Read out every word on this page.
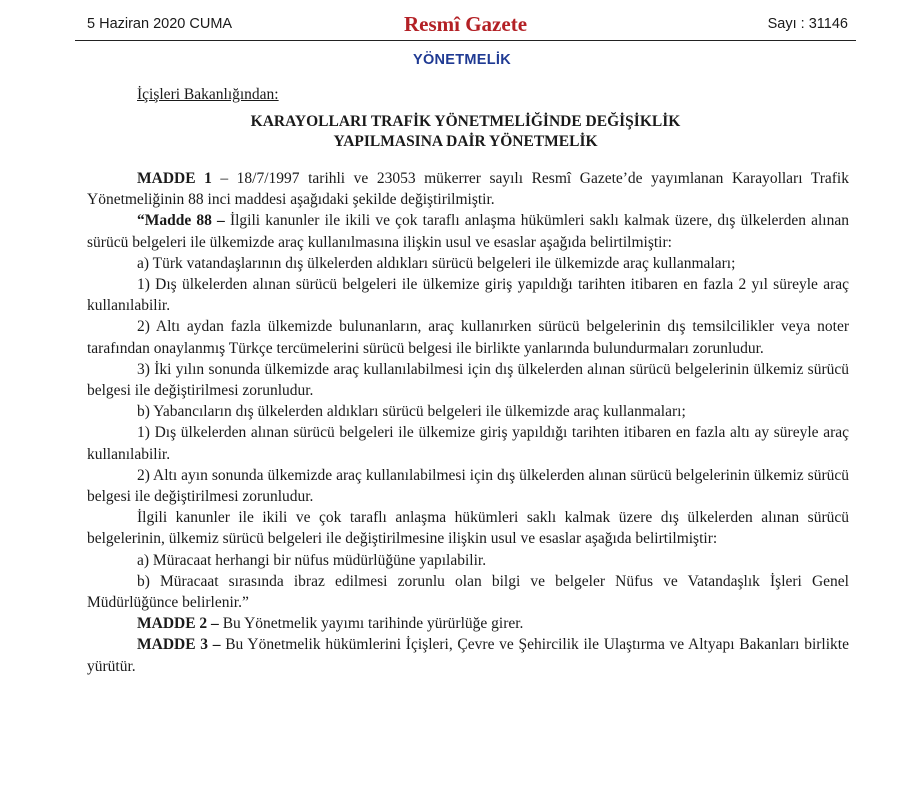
5 Haziran 2020 CUMA	Resmî Gazete	Sayı : 31146
YÖNETMELİK
İçişleri Bakanlığından:
KARAYOLLARI TRAFİK YÖNETMELİĞİNDE DEĞİŞİKLİK
YAPILMASINA DAİR YÖNETMELİK

MADDE 1 – 18/7/1997 tarihli ve 23053 mükerrer sayılı Resmî Gazete’de yayımlanan Karayolları Trafik Yönetmeliğinin 88 inci maddesi aşağıdaki şekilde değiştirilmiştir.

“Madde 88 – İlgili kanunler ile ikili ve çok taraflı anlaşma hükümleri saklı kalmak üzere, dış ülkelerden alınan sürücü belgeleri ile ülkemizde araç kullanılmasına ilişkin usul ve esaslar aşağıda belirtilmiştir:

a) Türk vatandaşlarının dış ülkelerden aldıkları sürücü belgeleri ile ülkemizde araç kullanmaları;

1) Dış ülkelerden alınan sürücü belgeleri ile ülkemize giriş yapıldığı tarihten itibaren en fazla 2 yıl süreyle araç kullanılabilir.

2) Altı aydan fazla ülkemizde bulunanların, araç kullanırken sürücü belgelerinin dış temsilcilikler veya noter tarafından onaylanmış Türkçe tercümelerini sürücü belgesi ile birlikte yanlarında bulundurmaları zorunludur.

3) İki yılın sonunda ülkemizde araç kullanılabilmesi için dış ülkelerden alınan sürücü belgelerinin ülkemiz sürücü belgesi ile değiştirilmesi zorunludur.

b) Yabancıların dış ülkelerden aldıkları sürücü belgeleri ile ülkemizde araç kullanmaları;

1) Dış ülkelerden alınan sürücü belgeleri ile ülkemize giriş yapıldığı tarihten itibaren en fazla altı ay süreyle araç kullanılabilir.

2) Altı ayın sonunda ülkemizde araç kullanılabilmesi için dış ülkelerden alınan sürücü belgelerinin ülkemiz sürücü belgesi ile değiştirilmesi zorunludur.

İlgili kanunler ile ikili ve çok taraflı anlaşma hükümleri saklı kalmak üzere dış ülkelerden alınan sürücü belgelerinin, ülkemiz sürücü belgeleri ile değiştirilmesine ilişkin usul ve esaslar aşağıda belirtilmiştir:

a) Müracaat herhangi bir nüfus müdürlüğüne yapılabilir.

b) Müracaat sırasında ibraz edilmesi zorunlu olan bilgi ve belgeler Nüfus ve Vatandaşlık İşleri Genel Müdürlüğünce belirlenir.”

MADDE 2 – Bu Yönetmelik yayımı tarihinde yürürlüğe girer.

MADDE 3 – Bu Yönetmelik hükümlerini İçişleri, Çevre ve Şehircilik ile Ulaştırma ve Altyapı Bakanları birlikte yürütür.
